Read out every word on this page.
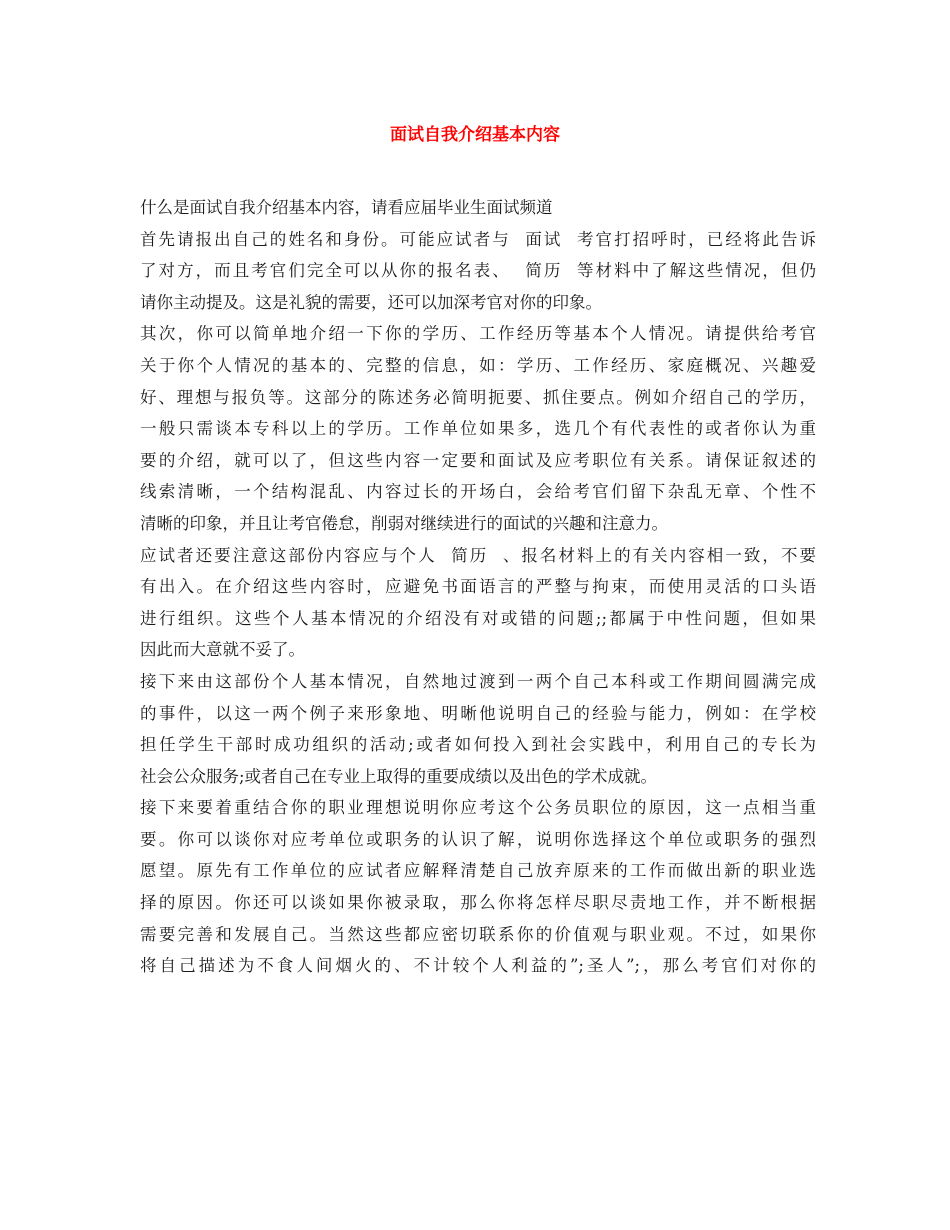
面试自我介绍基本内容
什么是面试自我介绍基本内容，请看应届毕业生面试频道
首先请报出自己的姓名和身份。可能应试者与  面试  考官打招呼时，已经将此告诉
了对方，而且考官们完全可以从你的报名表、  简历  等材料中了解这些情况，但仍
请你主动提及。这是礼貌的需要，还可以加深考官对你的印象。
其次，你可以简单地介绍一下你的学历、工作经历等基本个人情况。请提供给考官
关于你个人情况的基本的、完整的信息，如：学历、工作经历、家庭概况、兴趣爱
好、理想与报负等。这部分的陈述务必简明扼要、抓住要点。例如介绍自己的学历，
一般只需谈本专科以上的学历。工作单位如果多，选几个有代表性的或者你认为重
要的介绍，就可以了，但这些内容一定要和面试及应考职位有关系。请保证叙述的
线索清晰，一个结构混乱、内容过长的开场白，会给考官们留下杂乱无章、个性不
清晰的印象，并且让考官倦怠，削弱对继续进行的面试的兴趣和注意力。
应试者还要注意这部份内容应与个人  简历  、报名材料上的有关内容相一致，不要
有出入。在介绍这些内容时，应避免书面语言的严整与拘束，而使用灵活的口头语
进行组织。这些个人基本情况的介绍没有对或错的问题;;都属于中性问题，但如果
因此而大意就不妥了。
接下来由这部份个人基本情况，自然地过渡到一两个自己本科或工作期间圆满完成
的事件，以这一两个例子来形象地、明晰他说明自己的经验与能力，例如：在学校
担任学生干部时成功组织的活动;或者如何投入到社会实践中，利用自己的专长为
社会公众服务;或者自己在专业上取得的重要成绩以及出色的学术成就。
接下来要着重结合你的职业理想说明你应考这个公务员职位的原因，这一点相当重
要。你可以谈你对应考单位或职务的认识了解，说明你选择这个单位或职务的强烈
愿望。原先有工作单位的应试者应解释清楚自己放弃原来的工作而做出新的职业选
择的原因。你还可以谈如果你被录取，那么你将怎样尽职尽责地工作，并不断根据
需要完善和发展自己。当然这些都应密切联系你的价值观与职业观。不过，如果你
将自己描述为不食人间烟火的、不计较个人利益的”;圣人”;，那么考官们对你的
